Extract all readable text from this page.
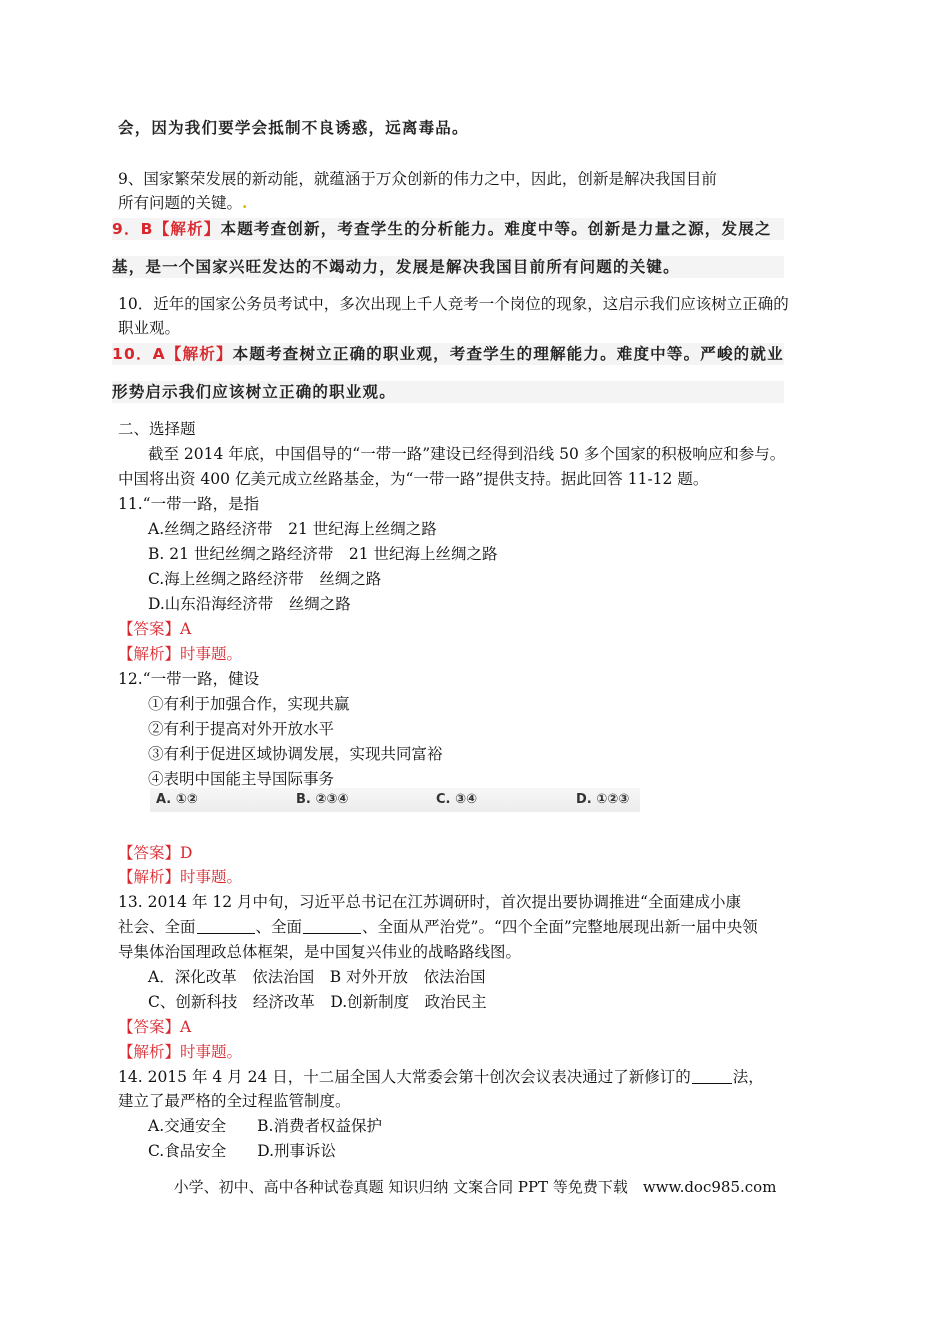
会，因为我们要学会抵制不良诱惑，远离毒品。
9、国家繁荣发展的新动能，就蕴涵于万众创新的伟力之中，因此，创新是解决我国目前
所有问题的关键。.
9．B【解析】本题考查创新，考查学生的分析能力。难度中等。创新是力量之源，发展之
基，是一个国家兴旺发达的不竭动力，发展是解决我国目前所有问题的关键。
10．近年的国家公务员考试中，多次出现上千人竞考一个岗位的现象，这启示我们应该树立正确的
职业观。
10．A【解析】本题考查树立正确的职业观，考查学生的理解能力。难度中等。严峻的就业
形势启示我们应该树立正确的职业观。
二、选择题
截至 2014 年底，中国倡导的“一带一路”建设已经得到沿线 50 多个国家的积极响应和参与。
中国将出资 400 亿美元成立丝路基金，为“一带一路”提供支持。据此回答 11-12 题。
11.“一带一路，是指
A.丝绸之路经济带　21 世纪海上丝绸之路
B. 21 世纪丝绸之路经济带　21 世纪海上丝绸之路
C.海上丝绸之路经济带　丝绸之路
D.山东沿海经济带　丝绸之路
【答案】A
【解析】时事题。
12.“一带一路，健设
①有利于加强合作，实现共赢
②有利于提高对外开放水平
③有利于促进区域协调发展，实现共同富裕
④表明中国能主导国际事务
A. ①②	B. ②③④	C. ③④	D. ①②③
【答案】D
【解析】时事题。
13. 2014 年 12 月中旬，习近平总书记在江苏调研时，首次提出要协调推进“全面建成小康
社会、全面	、全面	、全面从严治党”。“四个全面”完整地展现出新一届中央领
导集体治国理政总体框架，是中国复兴伟业的战略路线图。
A．深化改革　依法治国　B 对外开放　依法治国
C、创新科技　经济改革　D.创新制度　政治民主
【答案】A
【解析】时事题。
14. 2015 年 4 月 24 日，十二届全国人大常委会第十创次会议表决通过了新修订的	法，
建立了最严格的全过程监管制度。
A.交通安全　　B.消费者权益保护
C.食品安全　　D.刑事诉讼
小学、初中、高中各种试卷真题 知识归纳 文案合同 PPT 等免费下载　www.doc985.com
